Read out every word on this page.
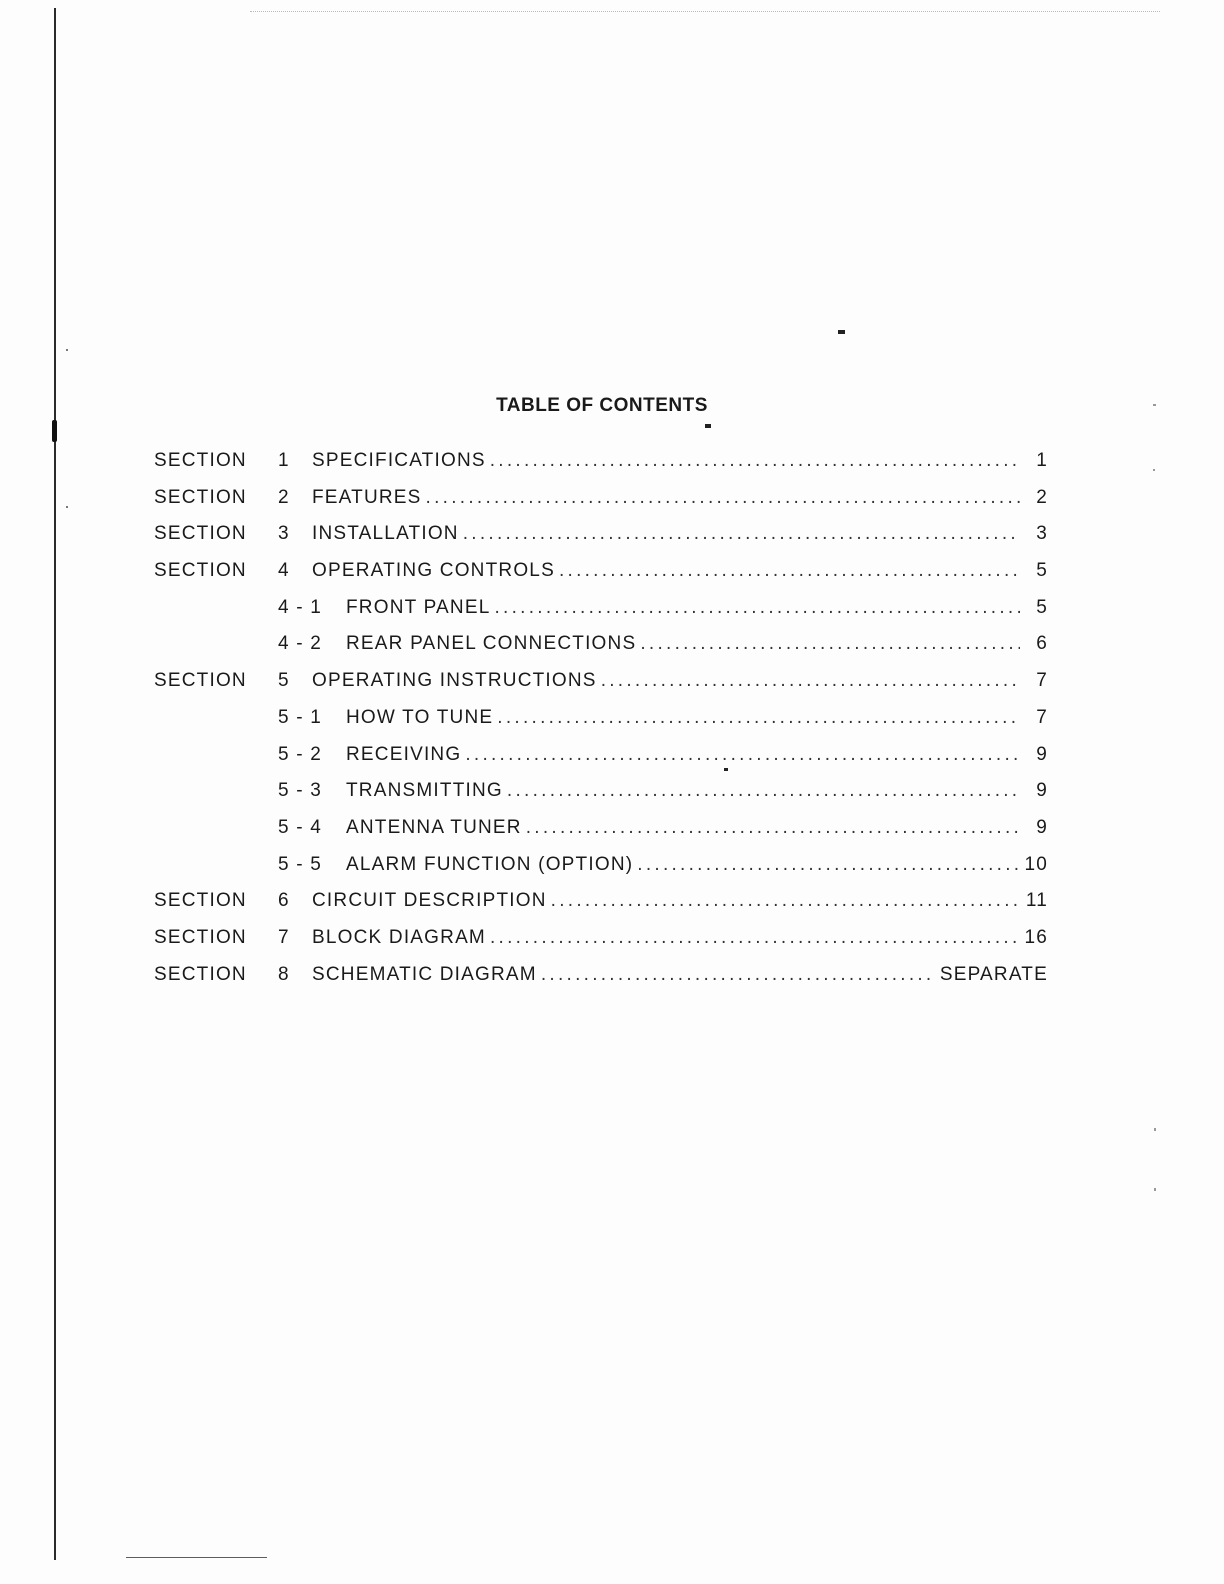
TABLE OF CONTENTS
SECTION 1 SPECIFICATIONS . . .	1
SECTION 2 FEATURES . . .	2
SECTION 3 INSTALLATION . . .	3
SECTION 4 OPERATING CONTROLS . . .	5
4 - 1 FRONT PANEL . . .	5
4 - 2 REAR PANEL CONNECTIONS . . .	6
SECTION 5 OPERATING INSTRUCTIONS . . .	7
5 - 1 HOW TO TUNE . . .	7
5 - 2 RECEIVING . . .	9
5 - 3 TRANSMITTING . . .	9
5 - 4 ANTENNA TUNER . . .	9
5 - 5 ALARM FUNCTION (OPTION) . . .	10
SECTION 6 CIRCUIT DESCRIPTION . . .	11
SECTION 7 BLOCK DIAGRAM . . .	16
SECTION 8 SCHEMATIC DIAGRAM . . .	SEPARATE
